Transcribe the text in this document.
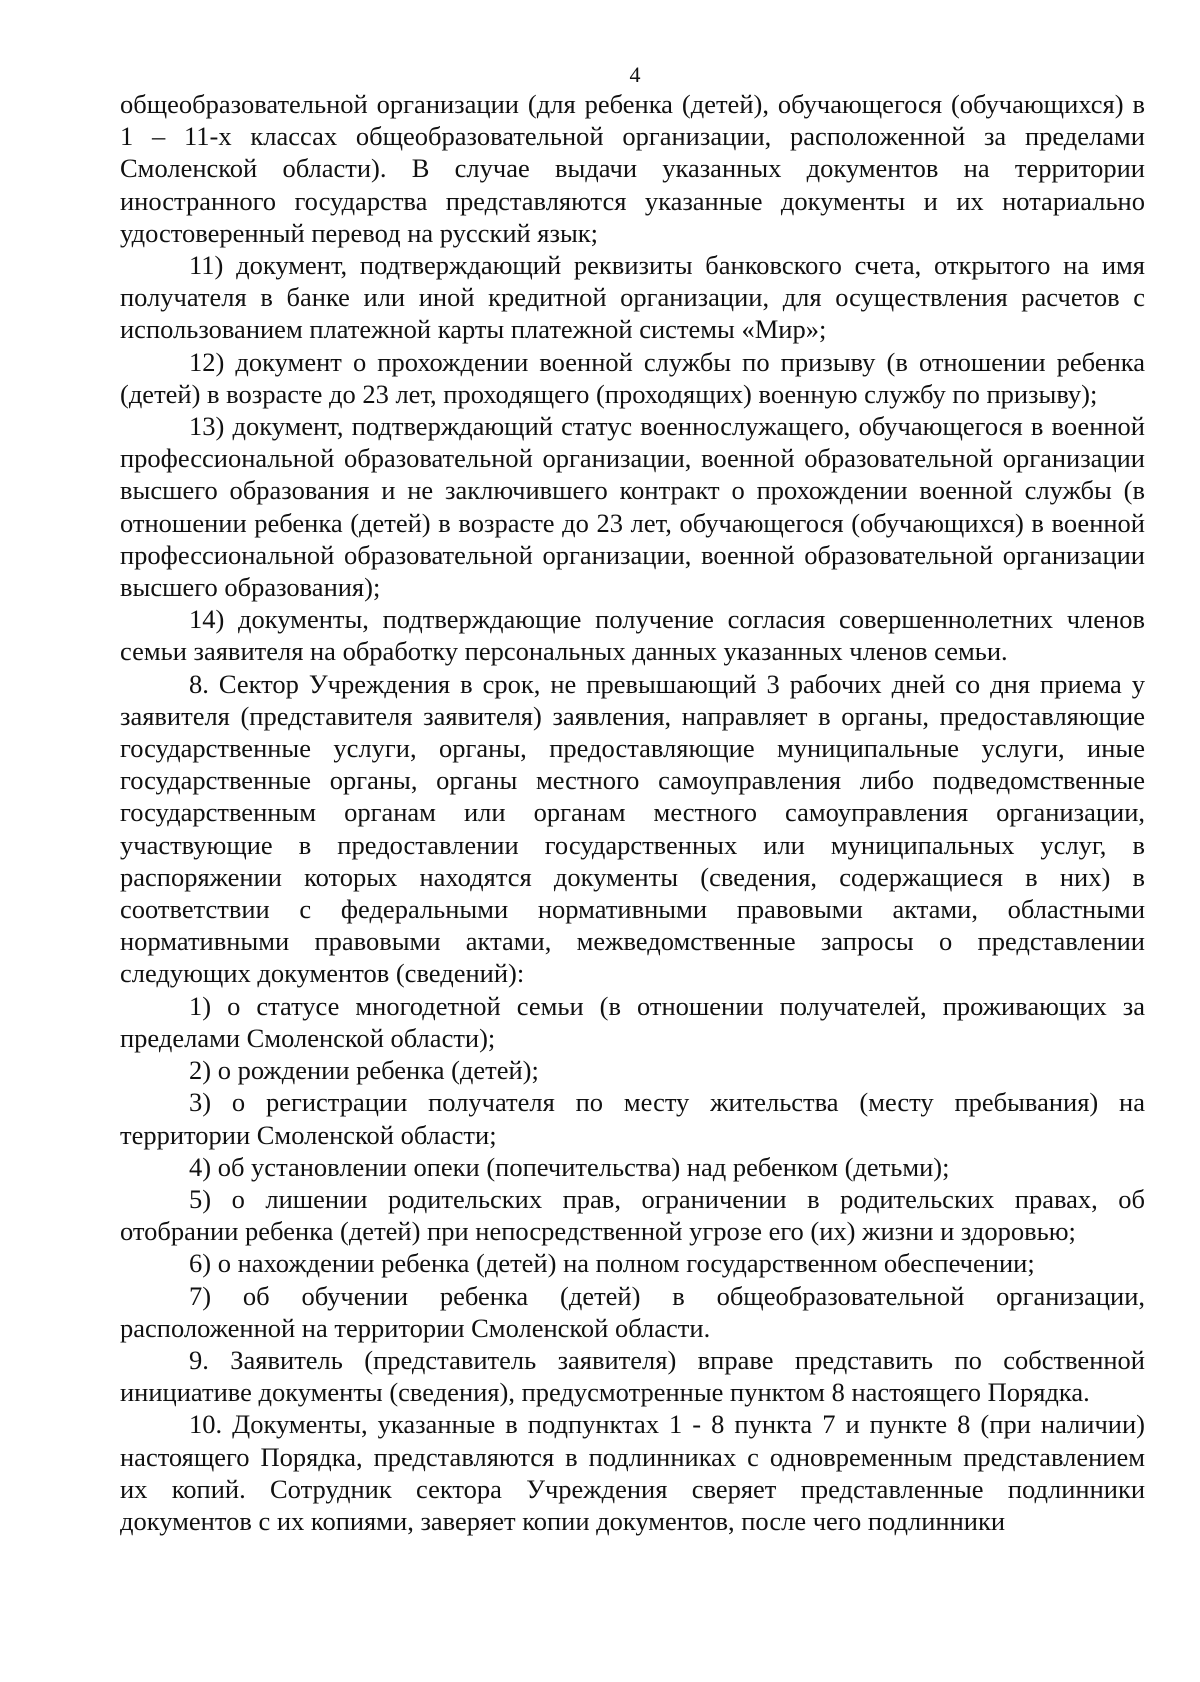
4

общеобразовательной организации (для ребенка (детей), обучающегося (обучающихся) в 1 – 11-х классах общеобразовательной организации, расположенной за пределами Смоленской области). В случае выдачи указанных документов на территории иностранного государства представляются указанные документы и их нотариально удостоверенный перевод на русский язык;

11) документ, подтверждающий реквизиты банковского счета, открытого на имя получателя в банке или иной кредитной организации, для осуществления расчетов с использованием платежной карты платежной системы «Мир»;

12) документ о прохождении военной службы по призыву (в отношении ребенка (детей) в возрасте до 23 лет, проходящего (проходящих) военную службу по призыву);

13) документ, подтверждающий статус военнослужащего, обучающегося в военной профессиональной образовательной организации, военной образовательной организации высшего образования и не заключившего контракт о прохождении военной службы (в отношении ребенка (детей) в возрасте до 23 лет, обучающегося (обучающихся) в военной профессиональной образовательной организации, военной образовательной организации высшего образования);

14) документы, подтверждающие получение согласия совершеннолетних членов семьи заявителя на обработку персональных данных указанных членов семьи.

8. Сектор Учреждения в срок, не превышающий 3 рабочих дней со дня приема у заявителя (представителя заявителя) заявления, направляет в органы, предоставляющие государственные услуги, органы, предоставляющие муниципальные услуги, иные государственные органы, органы местного самоуправления либо подведомственные государственным органам или органам местного самоуправления организации, участвующие в предоставлении государственных или муниципальных услуг, в распоряжении которых находятся документы (сведения, содержащиеся в них) в соответствии с федеральными нормативными правовыми актами, областными нормативными правовыми актами, межведомственные запросы о представлении следующих документов (сведений):

1) о статусе многодетной семьи (в отношении получателей, проживающих за пределами Смоленской области);

2) о рождении ребенка (детей);

3) о регистрации получателя по месту жительства (месту пребывания) на территории Смоленской области;

4) об установлении опеки (попечительства) над ребенком (детьми);

5) о лишении родительских прав, ограничении в родительских правах, об отобрании ребенка (детей) при непосредственной угрозе его (их) жизни и здоровью;

6) о нахождении ребенка (детей) на полном государственном обеспечении;

7) об обучении ребенка (детей) в общеобразовательной организации, расположенной на территории Смоленской области.

9. Заявитель (представитель заявителя) вправе представить по собственной инициативе документы (сведения), предусмотренные пунктом 8 настоящего Порядка.

10. Документы, указанные в подпунктах 1 - 8 пункта 7 и пункте 8 (при наличии) настоящего Порядка, представляются в подлинниках с одновременным представлением их копий. Сотрудник сектора Учреждения сверяет представленные подлинники документов с их копиями, заверяет копии документов, после чего подлинники
